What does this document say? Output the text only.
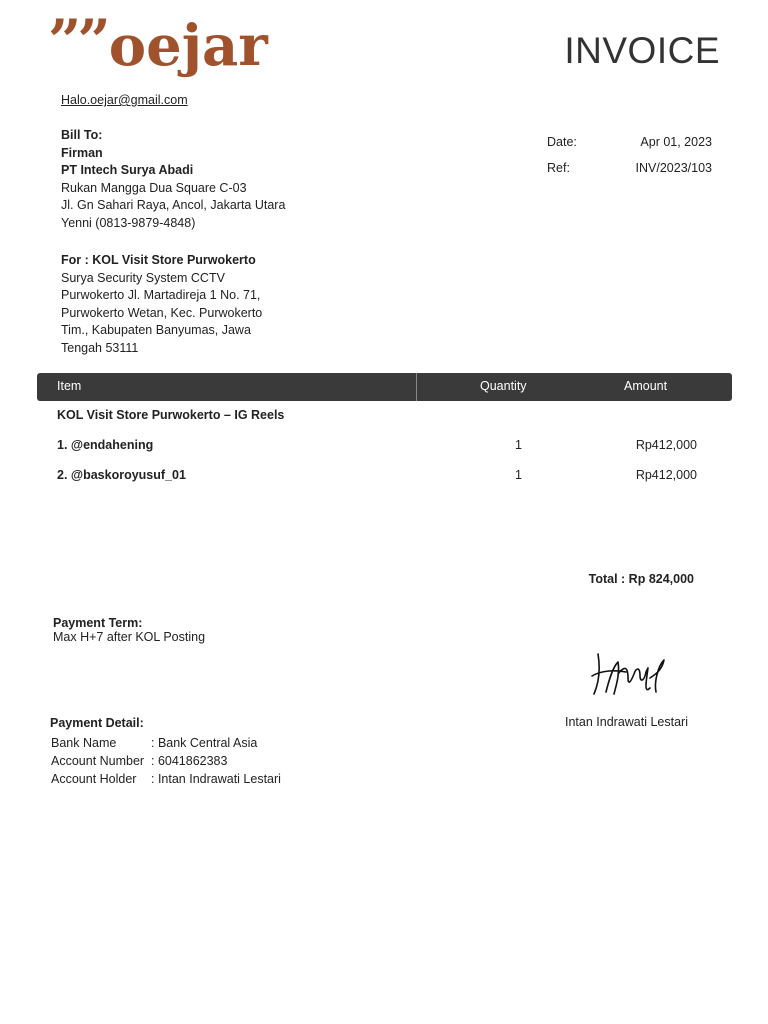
” ” oejar	INVOICE
Halo.oejar@gmail.com
Bill To:
Firman
PT Intech Surya Abadi
Rukan Mangga Dua Square C-03
Jl. Gn Sahari Raya, Ancol, Jakarta Utara
Yenni (0813-9879-4848)
For : KOL Visit Store Purwokerto
Surya Security System CCTV
Purwokerto Jl. Martadireja 1 No. 71,
Purwokerto Wetan, Kec. Purwokerto
Tim., Kabupaten Banyumas, Jawa
Tengah 53111
Date:	Apr 01, 2023
Ref:	INV/2023/103
Item	Quantity	Amount
KOL Visit Store Purwokerto – IG Reels
1. @endahening	1	Rp412,000
2. @baskoroyusuf_01	1	Rp412,000
Total : Rp 824,000
Payment Term:
Max H+7 after KOL Posting
Intan Indrawati Lestari
Payment Detail:
Bank Name	: Bank Central Asia
Account Number : 6041862383
Account Holder	: Intan Indrawati Lestari
